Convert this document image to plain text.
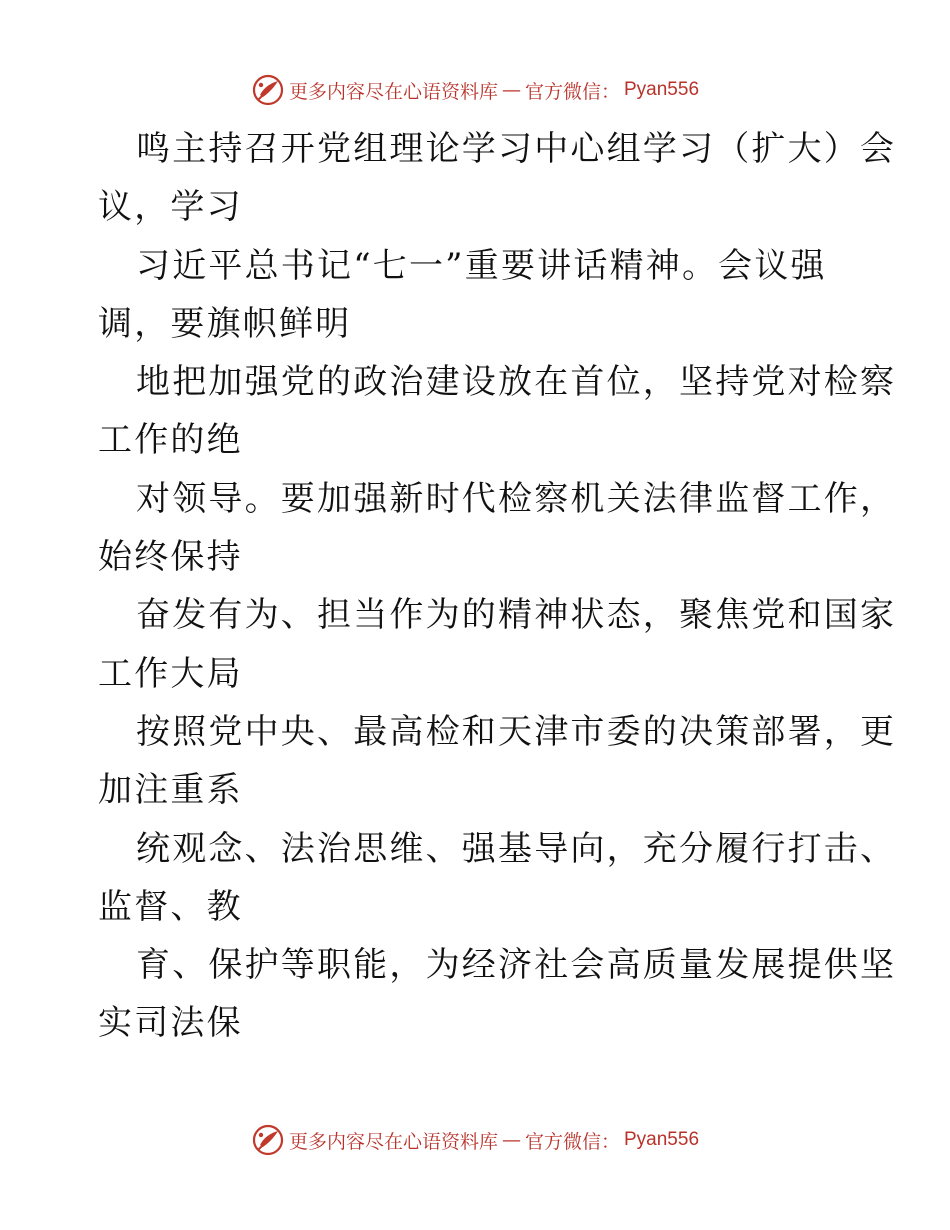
更多内容尽在心语资料库 — 官方微信： Pyan556
鸣主持召开党组理论学习中心组学习（扩大）会
议，学习
习近平总书记“七一”重要讲话精神。会议强
调，要旗帜鲜明
地把加强党的政治建设放在首位，坚持党对检察
工作的绝
对领导。要加强新时代检察机关法律监督工作，
始终保持
奋发有为、担当作为的精神状态，聚焦党和国家
工作大局
按照党中央、最高检和天津市委的决策部署，更
加注重系
统观念、法治思维、强基导向，充分履行打击、
监督、教
育、保护等职能，为经济社会高质量发展提供坚
实司法保
更多内容尽在心语资料库 — 官方微信： Pyan556
